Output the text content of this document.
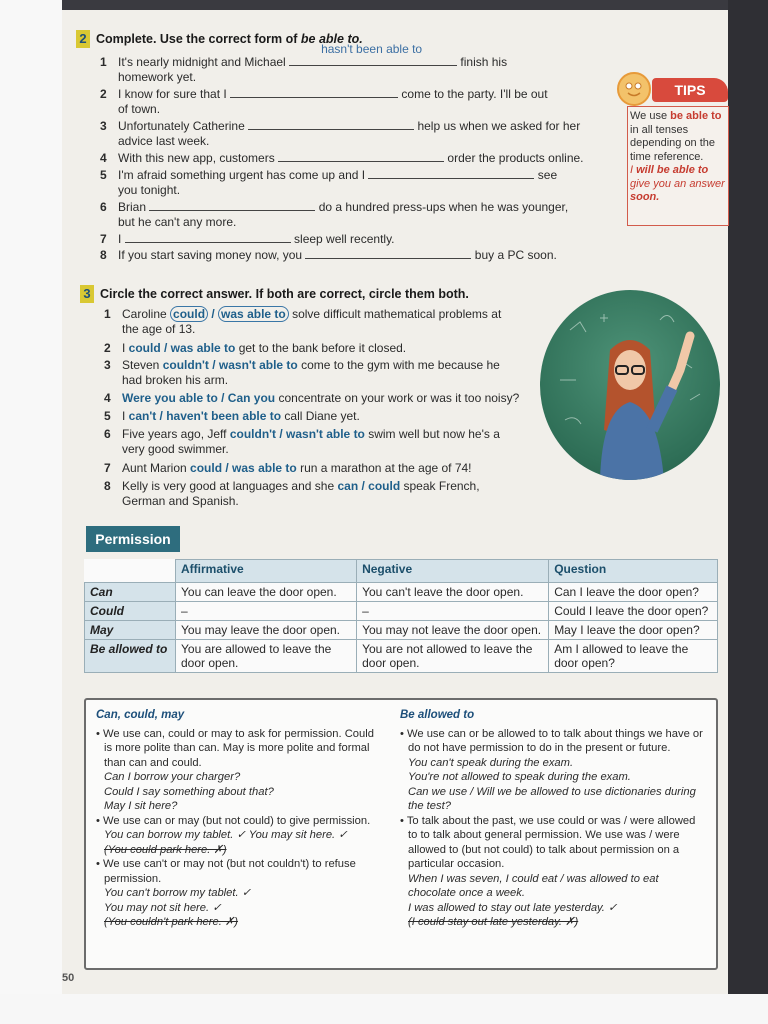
2 Complete. Use the correct form of be able to.
1 It's nearly midnight and Michael
hasn't been able to
finish his
homework yet.
2 I know for sure that I	come to the party. I'll be out
of town.
3 Unfortunately Catherine	help us when we asked for her
advice last week.
4 With this new app, customers	order the products online.
5 I'm afraid something urgent has come up and I	see
you tonight.
6 Brian	do a hundred press-ups when he was younger,
but he can't any more.
7 I	sleep well recently.
8 If you start saving money now, you	buy a PC soon.
TIPS
We use be able to in all tenses depending on the time reference.
I will be able to give you an answer soon.
3 Circle the correct answer. If both are correct, circle them both.
1 Caroline could / was able to solve difficult mathematical problems at
the age of 13.
2 I could / was able to get to the bank before it closed.
3 Steven couldn't / wasn't able to come to the gym with me because he
had broken his arm.
4 Were you able to / Can you concentrate on your work or was it too noisy?
5 I can't / haven't been able to call Diane yet.
6 Five years ago, Jeff couldn't / wasn't able to swim well but now he's a
very good swimmer.
7 Aunt Marion could / was able to run a marathon at the age of 74!
8 Kelly is very good at languages and she can / could speak French,
German and Spanish.
Permission
	Affirmative	Negative	Question
Can	You can leave the door open.	You can't leave the door open.	Can I leave the door open?
Could	–	–	Could I leave the door open?
May	You may leave the door open.	You may not leave the door open.	May I leave the door open?
Be allowed to	You are allowed to leave the door open.	You are not allowed to leave the door open.	Am I allowed to leave the door open?
Can, could, may

• We use can, could or may to ask for permission. Could is more polite than can. May is more polite and formal than can and could.

Can I borrow your charger?

Could I say something about that?

May I sit here?

• We use can or may (but not could) to give permission.

You can borrow my tablet. ✓ You may sit here. ✓

(You could park here. ✗)

• We use can't or may not (but not couldn't) to refuse permission.

You can't borrow my tablet. ✓

You may not sit here. ✓

(You couldn't park here. ✗)

Be allowed to

• We use can or be allowed to to talk about things we have or do not have permission to do in the present or future.

You can't speak during the exam.

You're not allowed to speak during the exam.

Can we use / Will we be allowed to use dictionaries during the test?

• To talk about the past, we use could or was / were allowed to to talk about general permission. We use was / were allowed to (but not could) to talk about permission on a particular occasion.

When I was seven, I could eat / was allowed to eat chocolate once a week.

I was allowed to stay out late yesterday. ✓

(I could stay out late yesterday. ✗)

50
